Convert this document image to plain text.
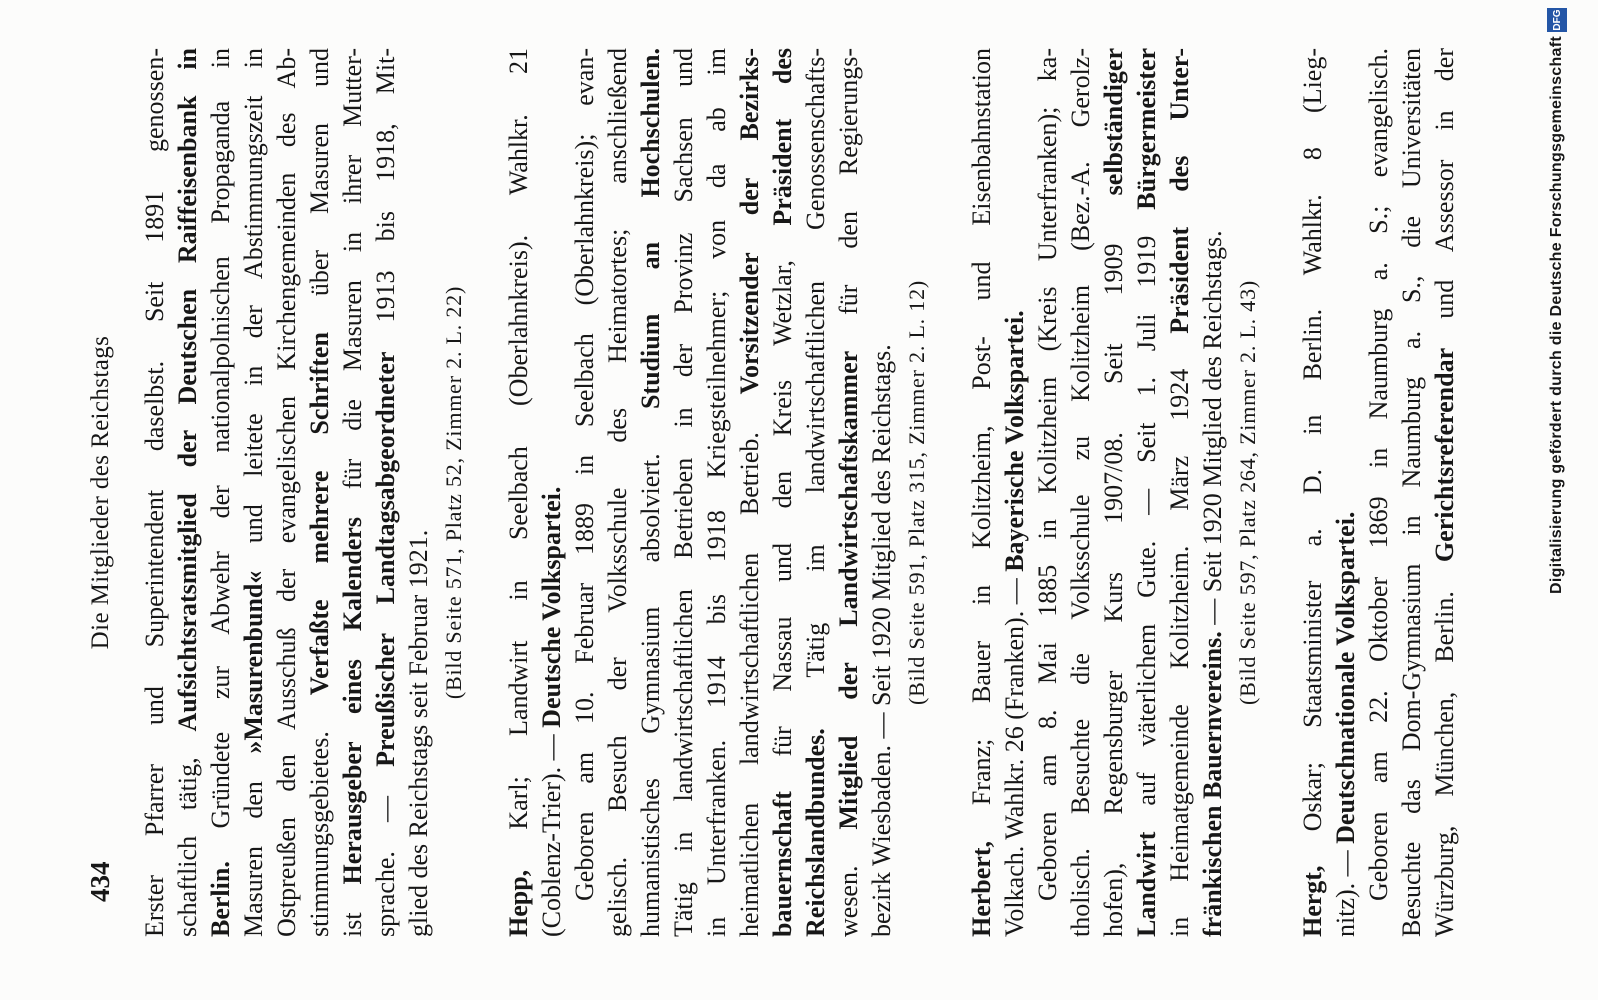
434
Die Mitglieder des Reichstags Erster Pfarrer und Superintendent daselbst. Seit 1891 genossen- schaftlich tätig, Aufsichtsratsmitglied der Deutschen Raiffeisenbank in
Berlin. Gründete zur Abwehr der nationalpolnischen Propaganda in Masuren den »Masurenbund« und leitete in der Abstimmungszeit in Ostpreußen den Ausschuß der evangelischen Kirchengemeinden des Ab- stimmungsgebietes. Verfaßte mehrere Schriften über Masuren und
ist Herausgeber eines Kalenders für die Masuren in ihrer Mutter-
sprache. — Preußischer Landtagsabgeordneter 1913 bis 1918, Mit-
glied des Reichstags seit Februar 1921.
(Bild Seite 571, Platz 52, Zimmer 2. L. 22)
Hepp, Karl; Landwirt in Seelbach (Oberlahnkreis). Wahlkr. 21 (Coblenz-Trier). — Deutsche Volkspartei. Geboren am 10. Februar 1889 in Seelbach (Oberlahnkreis); evan- gelisch. Besuch der Volksschule des Heimatortes; anschließend humanistisches Gymnasium absolviert. Studium an Hochschulen. Tätig in landwirtschaftlichen Betrieben in der Provinz Sachsen und in Unterfranken. 1914 bis 1918 Kriegsteilnehmer; von da ab im heimatlichen landwirtschaftlichen Betrieb. Vorsitzender der Bezirks-
bauernschaft für Nassau und den Kreis Wetzlar, Präsident des
Reichslandbundes. Tätig im landwirtschaftlichen Genossenschafts-
wesen. Mitglied der Landwirtschaftskammer für den Regierungs-
bezirk Wiesbaden. — Seit 1920 Mitglied des Reichstags. (Bild Seite 591, Platz 315, Zimmer 2. L. 12)
Herbert, Franz; Bauer in Kolitzheim, Post- und Eisenbahnstation Volkach. Wahlkr. 26 (Franken). — Bayerische Volkspartei. Geboren am 8. Mai 1885 in Kolitzheim (Kreis Unterfranken); ka- tholisch. Besuchte die Volksschule zu Kolitzheim (Bez.-A. Gerolz- hofen), Regensburger Kurs 1907/08. Seit 1909 selbständiger
Landwirt auf väterlichem Gute. — Seit 1. Juli 1919 Bürgermeister
in Heimatgemeinde Kolitzheim. März 1924 Präsident des Unter-
fränkischen Bauernvereins. — Seit 1920 Mitglied des Reichstags. (Bild Seite 597, Platz 264, Zimmer 2. L. 43)
Hergt, Oskar; Staatsminister a. D. in Berlin. Wahlkr. 8 (Lieg-
nitz). — Deutschnationale Volkspartei. Geboren am 22. Oktober 1869 in Naumburg a. S.; evangelisch. Besuchte das Dom-Gymnasium in Naumburg a. S., die Universitäten Würzburg, München, Berlin. Gerichtsreferendar und Assessor in der	Digitalisierung gefördert durch die Deutsche Forschungsgemeinschaft
DFG
